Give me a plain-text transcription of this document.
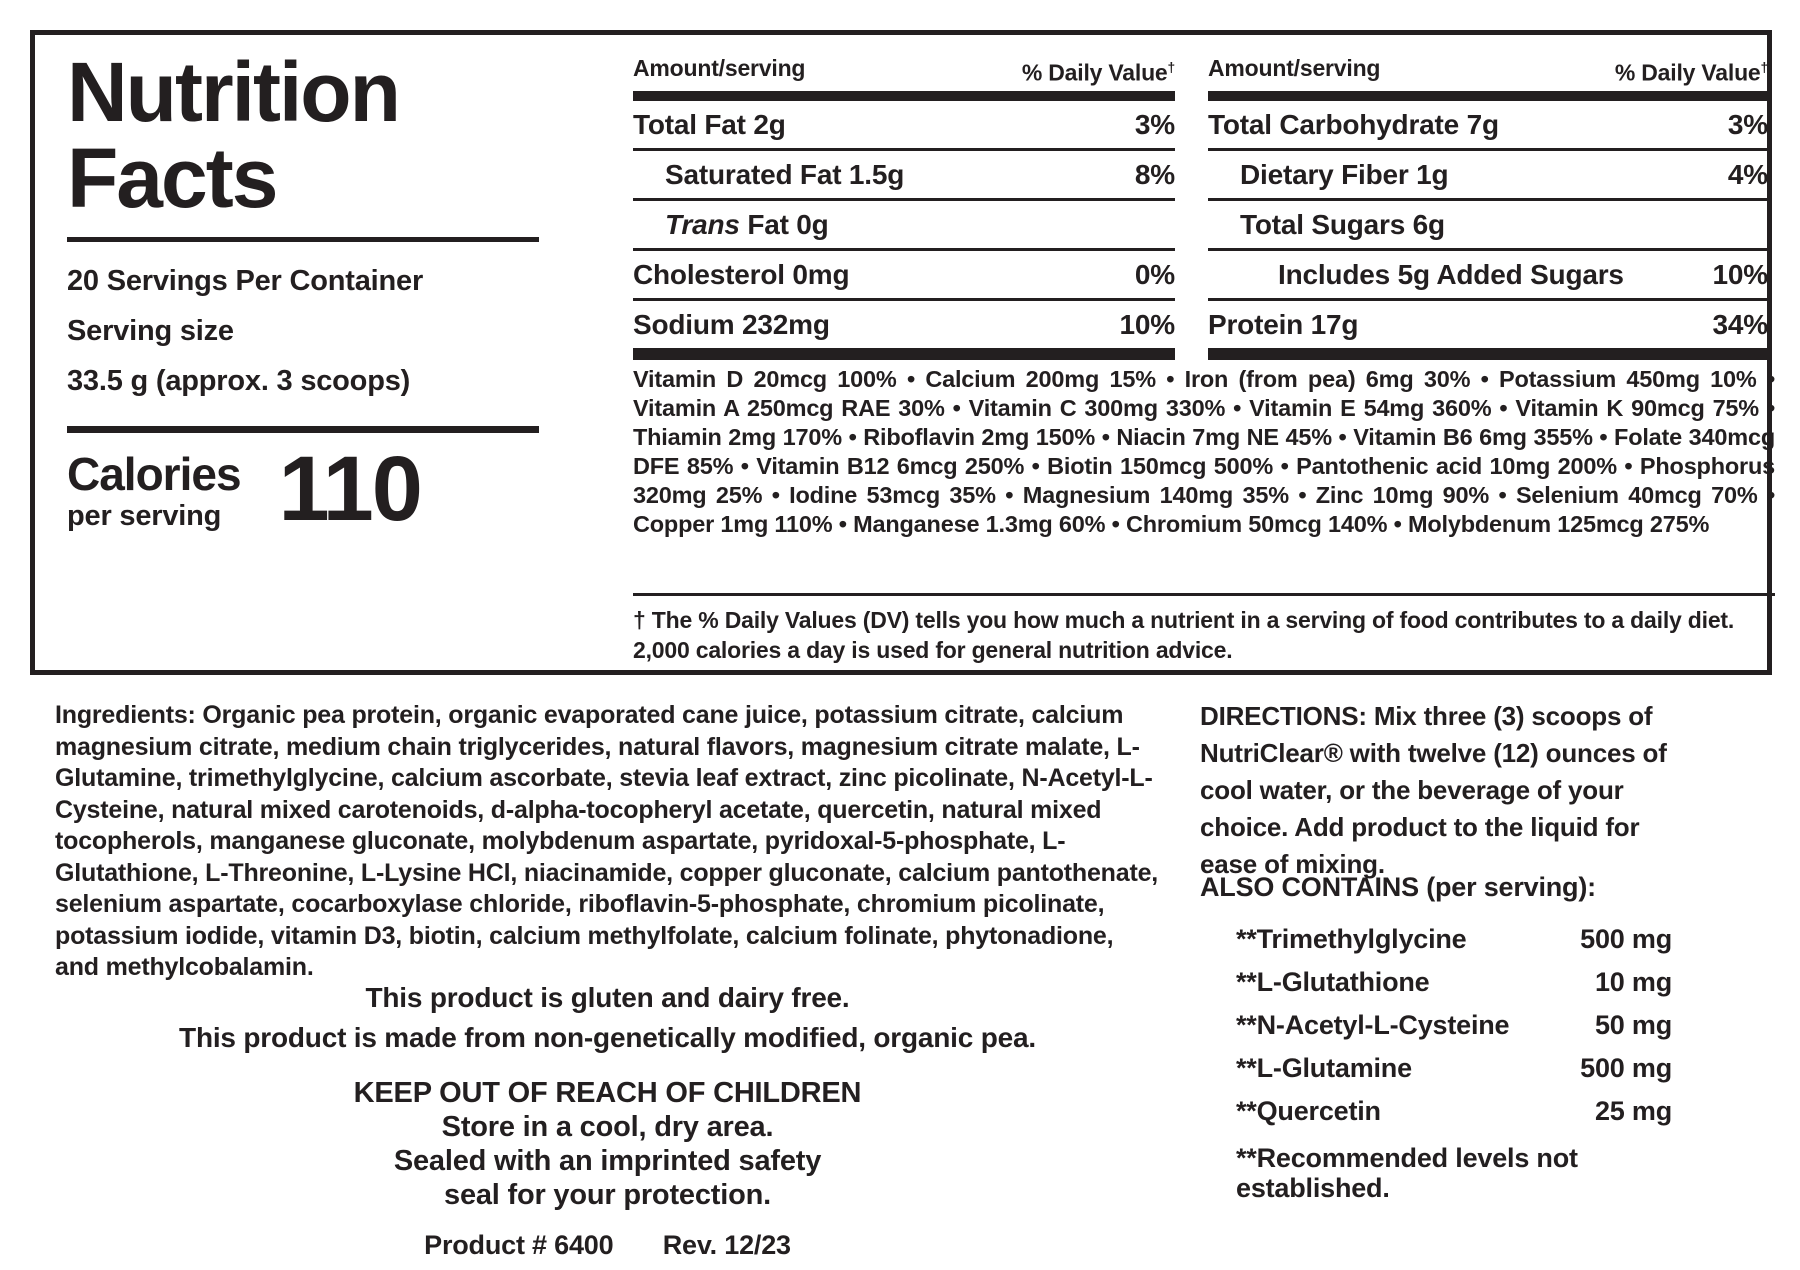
Nutrition
Facts
20 Servings Per Container
Serving size
33.5 g (approx. 3 scoops)
Calories
per serving 110
Amount/serving	% Daily Value†
Total Fat 2g	3%
Saturated Fat 1.5g	8%
Trans Fat 0g
Cholesterol 0mg	0%
Sodium 232mg	10%
Amount/serving	% Daily Value†
Total Carbohydrate 7g	3%
Dietary Fiber 1g	4%
Total Sugars 6g
Includes 5g Added Sugars	10%
Protein 17g	34%
Vitamin D 20mcg 100% • Calcium 200mg 15% • Iron (from pea) 6mg 30% • Potassium 450mg 10% • Vitamin A 250mcg RAE 30% • Vitamin C 300mg 330% • Vitamin E 54mg 360% • Vitamin K 90mcg 75% • Thiamin 2mg 170% • Riboflavin 2mg 150% • Niacin 7mg NE 45% • Vitamin B6 6mg 355% • Folate 340mcg DFE 85% • Vitamin B12 6mcg 250% • Biotin 150mcg 500% • Pantothenic acid 10mg 200% • Phosphorus 320mg 25% • Iodine 53mcg 35% • Magnesium 140mg 35% • Zinc 10mg 90% • Selenium 40mcg 70% • Copper 1mg 110% • Manganese 1.3mg 60% • Chromium 50mcg 140% • Molybdenum 125mcg 275%
† The % Daily Values (DV) tells you how much a nutrient in a serving of food contributes to a daily diet. 2,000 calories a day is used for general nutrition advice.
Ingredients: Organic pea protein, organic evaporated cane juice, potassium citrate, calcium magnesium citrate, medium chain triglycerides, natural flavors, magnesium citrate malate, L-Glutamine, trimethylglycine, calcium ascorbate, stevia leaf extract, zinc picolinate, N-Acetyl-L-Cysteine, natural mixed carotenoids, d-alpha-tocopheryl acetate, quercetin, natural mixed tocopherols, manganese gluconate, molybdenum aspartate, pyridoxal-5-phosphate, L-Glutathione, L-Threonine, L-Lysine HCl, niacinamide, copper gluconate, calcium pantothenate, selenium aspartate, cocarboxylase chloride, riboflavin-5-phosphate, chromium picolinate, potassium iodide, vitamin D3, biotin, calcium methylfolate, calcium folinate, phytonadione, and methylcobalamin.
This product is gluten and dairy free.
This product is made from non-genetically modified, organic pea.
KEEP OUT OF REACH OF CHILDREN
Store in a cool, dry area.
Sealed with an imprinted safety
seal for your protection.
Product # 6400 Rev. 12/23
DIRECTIONS: Mix three (3) scoops of NutriClear® with twelve (12) ounces of cool water, or the beverage of your choice. Add product to the liquid for ease of mixing.
ALSO CONTAINS (per serving):
**Trimethylglycine	500 mg
**L-Glutathione	10 mg
**N-Acetyl-L-Cysteine	50 mg
**L-Glutamine	500 mg
**Quercetin	25 mg
**Recommended levels not established.
